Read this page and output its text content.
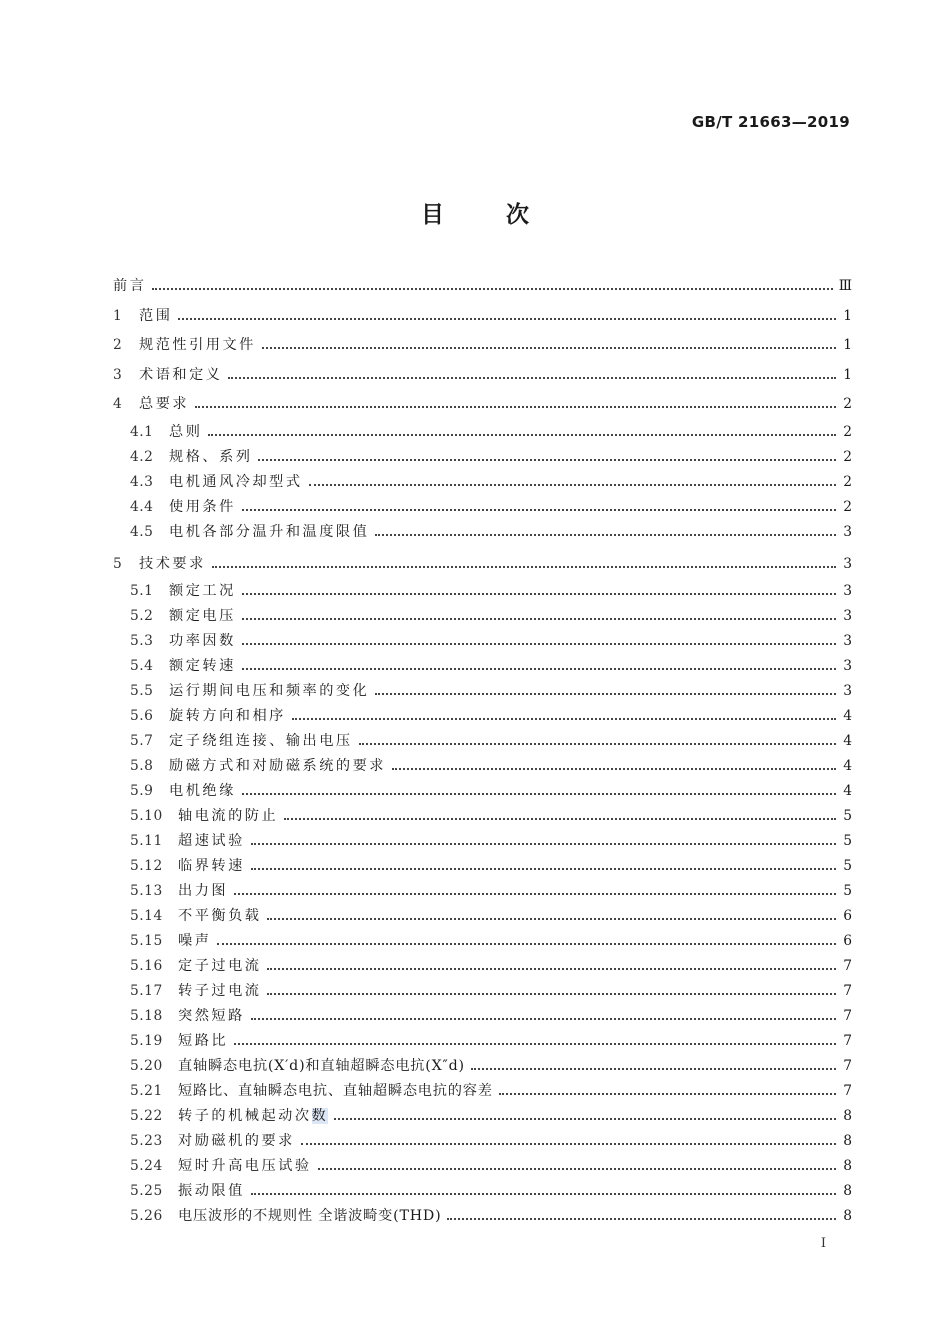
GB/T 21663—2019
目次
前言	Ⅲ
1	范围	1
2	规范性引用文件	1
3	术语和定义	1
4	总要求	2
4.1	总则	2
4.2	规格、系列	2
4.3	电机通风冷却型式	2
4.4	使用条件	2
4.5	电机各部分温升和温度限值	3
5	技术要求	3
5.1	额定工况	3
5.2	额定电压	3
5.3	功率因数	3
5.4	额定转速	3
5.5	运行期间电压和频率的变化	3
5.6	旋转方向和相序	4
5.7	定子绕组连接、输出电压	4
5.8	励磁方式和对励磁系统的要求	4
5.9	电机绝缘	4
5.10	轴电流的防止	5
5.11	超速试验	5
5.12	临界转速	5
5.13	出力图	5
5.14	不平衡负载	6
5.15	噪声	6
5.16	定子过电流	7
5.17	转子过电流	7
5.18	突然短路	7
5.19	短路比	7
5.20	直轴瞬态电抗(X′d)和直轴超瞬态电抗(X″d)	7
5.21	短路比、直轴瞬态电抗、直轴超瞬态电抗的容差	7
5.22	转子的机械起动次数	8
5.23	对励磁机的要求	8
5.24	短时升高电压试验	8
5.25	振动限值	8
5.26	电压波形的不规则性 全谐波畸变(THD)	8
Ⅰ
